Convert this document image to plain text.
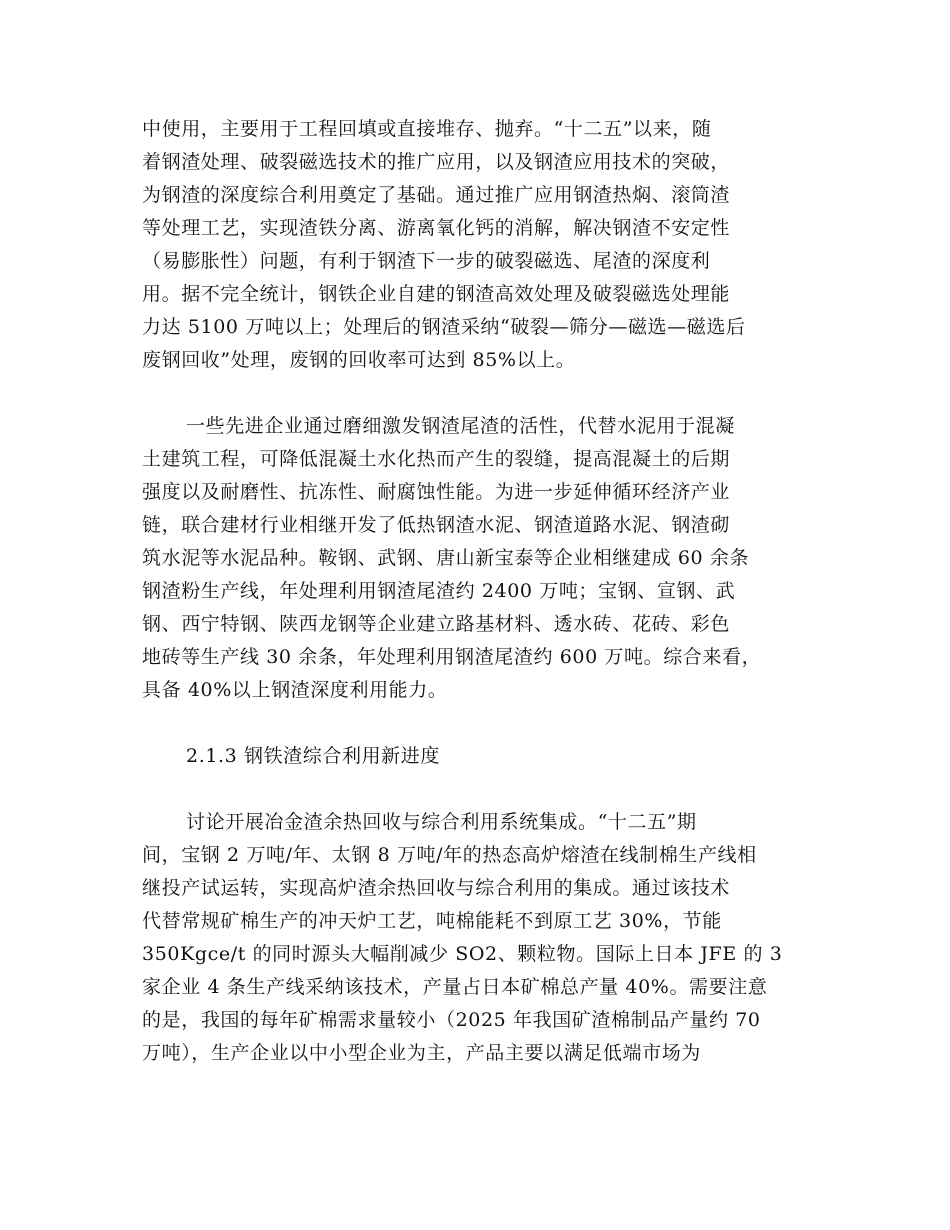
中使用，主要用于工程回填或直接堆存、抛弃。“十二五”以来，随
着钢渣处理、破裂磁选技术的推广应用，以及钢渣应用技术的突破，
为钢渣的深度综合利用奠定了基础。通过推广应用钢渣热焖、滚筒渣
等处理工艺，实现渣铁分离、游离氧化钙的消解，解决钢渣不安定性
（易膨胀性）问题，有利于钢渣下一步的破裂磁选、尾渣的深度利
用。据不完全统计，钢铁企业自建的钢渣高效处理及破裂磁选处理能
力达 5100 万吨以上；处理后的钢渣采纳“破裂—筛分—磁选—磁选后
废钢回收”处理，废钢的回收率可达到 85%以上。
一些先进企业通过磨细激发钢渣尾渣的活性，代替水泥用于混凝
土建筑工程，可降低混凝土水化热而产生的裂缝，提高混凝土的后期
强度以及耐磨性、抗冻性、耐腐蚀性能。为进一步延伸循环经济产业
链，联合建材行业相继开发了低热钢渣水泥、钢渣道路水泥、钢渣砌
筑水泥等水泥品种。鞍钢、武钢、唐山新宝泰等企业相继建成 60 余条
钢渣粉生产线，年处理利用钢渣尾渣约 2400 万吨；宝钢、宣钢、武
钢、西宁特钢、陕西龙钢等企业建立路基材料、透水砖、花砖、彩色
地砖等生产线 30 余条，年处理利用钢渣尾渣约 600 万吨。综合来看，
具备 40%以上钢渣深度利用能力。
2.1.3 钢铁渣综合利用新进度
讨论开展冶金渣余热回收与综合利用系统集成。“十二五”期
间，宝钢 2 万吨/年、太钢 8 万吨/年的热态高炉熔渣在线制棉生产线相
继投产试运转，实现高炉渣余热回收与综合利用的集成。通过该技术
代替常规矿棉生产的冲天炉工艺，吨棉能耗不到原工艺 30%，节能
350Kgce/t 的同时源头大幅削减少 SO2、颗粒物。国际上日本 JFE 的 3
家企业 4 条生产线采纳该技术，产量占日本矿棉总产量 40%。需要注意
的是，我国的每年矿棉需求量较小（2025 年我国矿渣棉制品产量约 70
万吨），生产企业以中小型企业为主，产品主要以满足低端市场为
